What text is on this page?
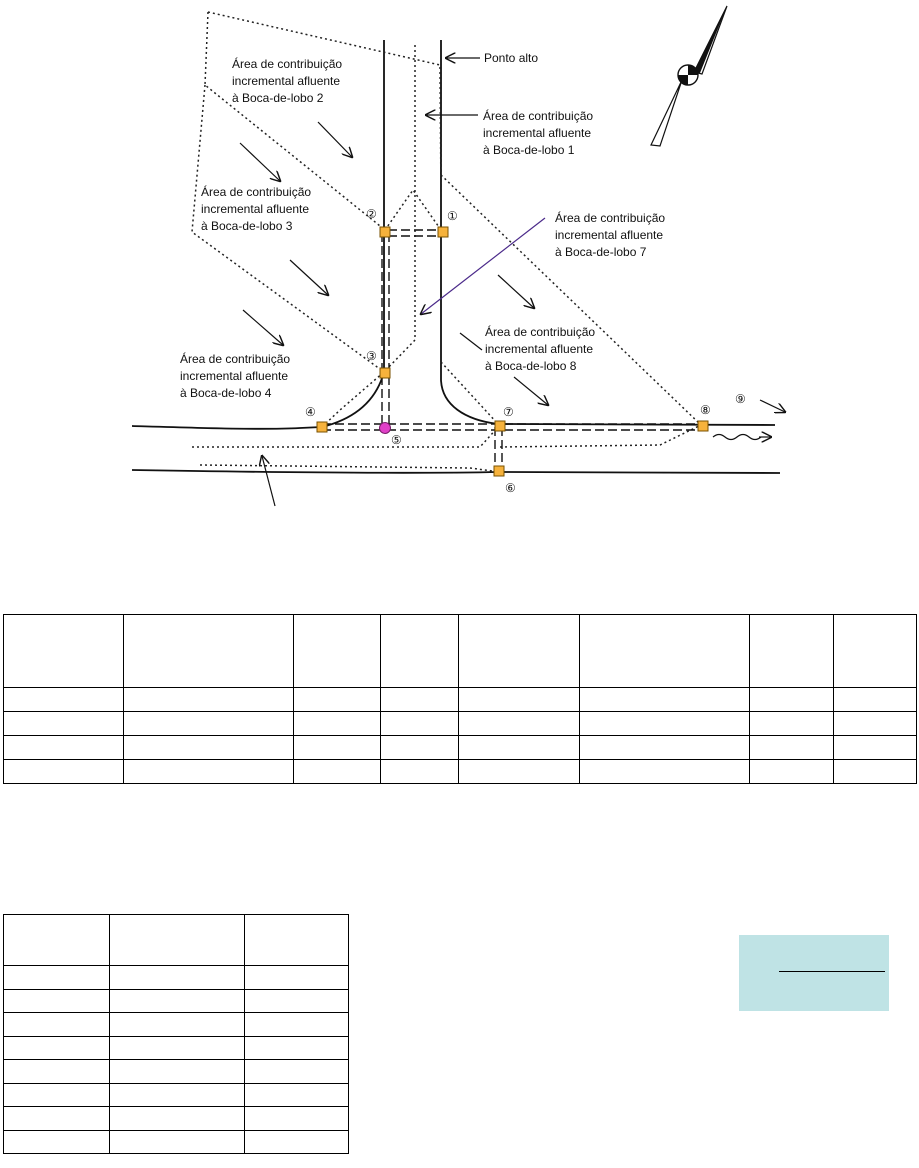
①
②
③
④
⑤
⑥
⑦	⑧
⑨
Ponto alto
Área de contribuição
incremental afluente
à Boca-de-lobo 2
Área de contribuição
incremental afluente
à Boca-de-lobo 1
Área de contribuição
incremental afluente
à Boca-de-lobo 3
Área de contribuição
incremental afluente
à Boca-de-lobo 7
Área de contribuição
incremental afluente
à Boca-de-lobo 8
Área de contribuição
incremental afluente
à Boca-de-lobo 4
